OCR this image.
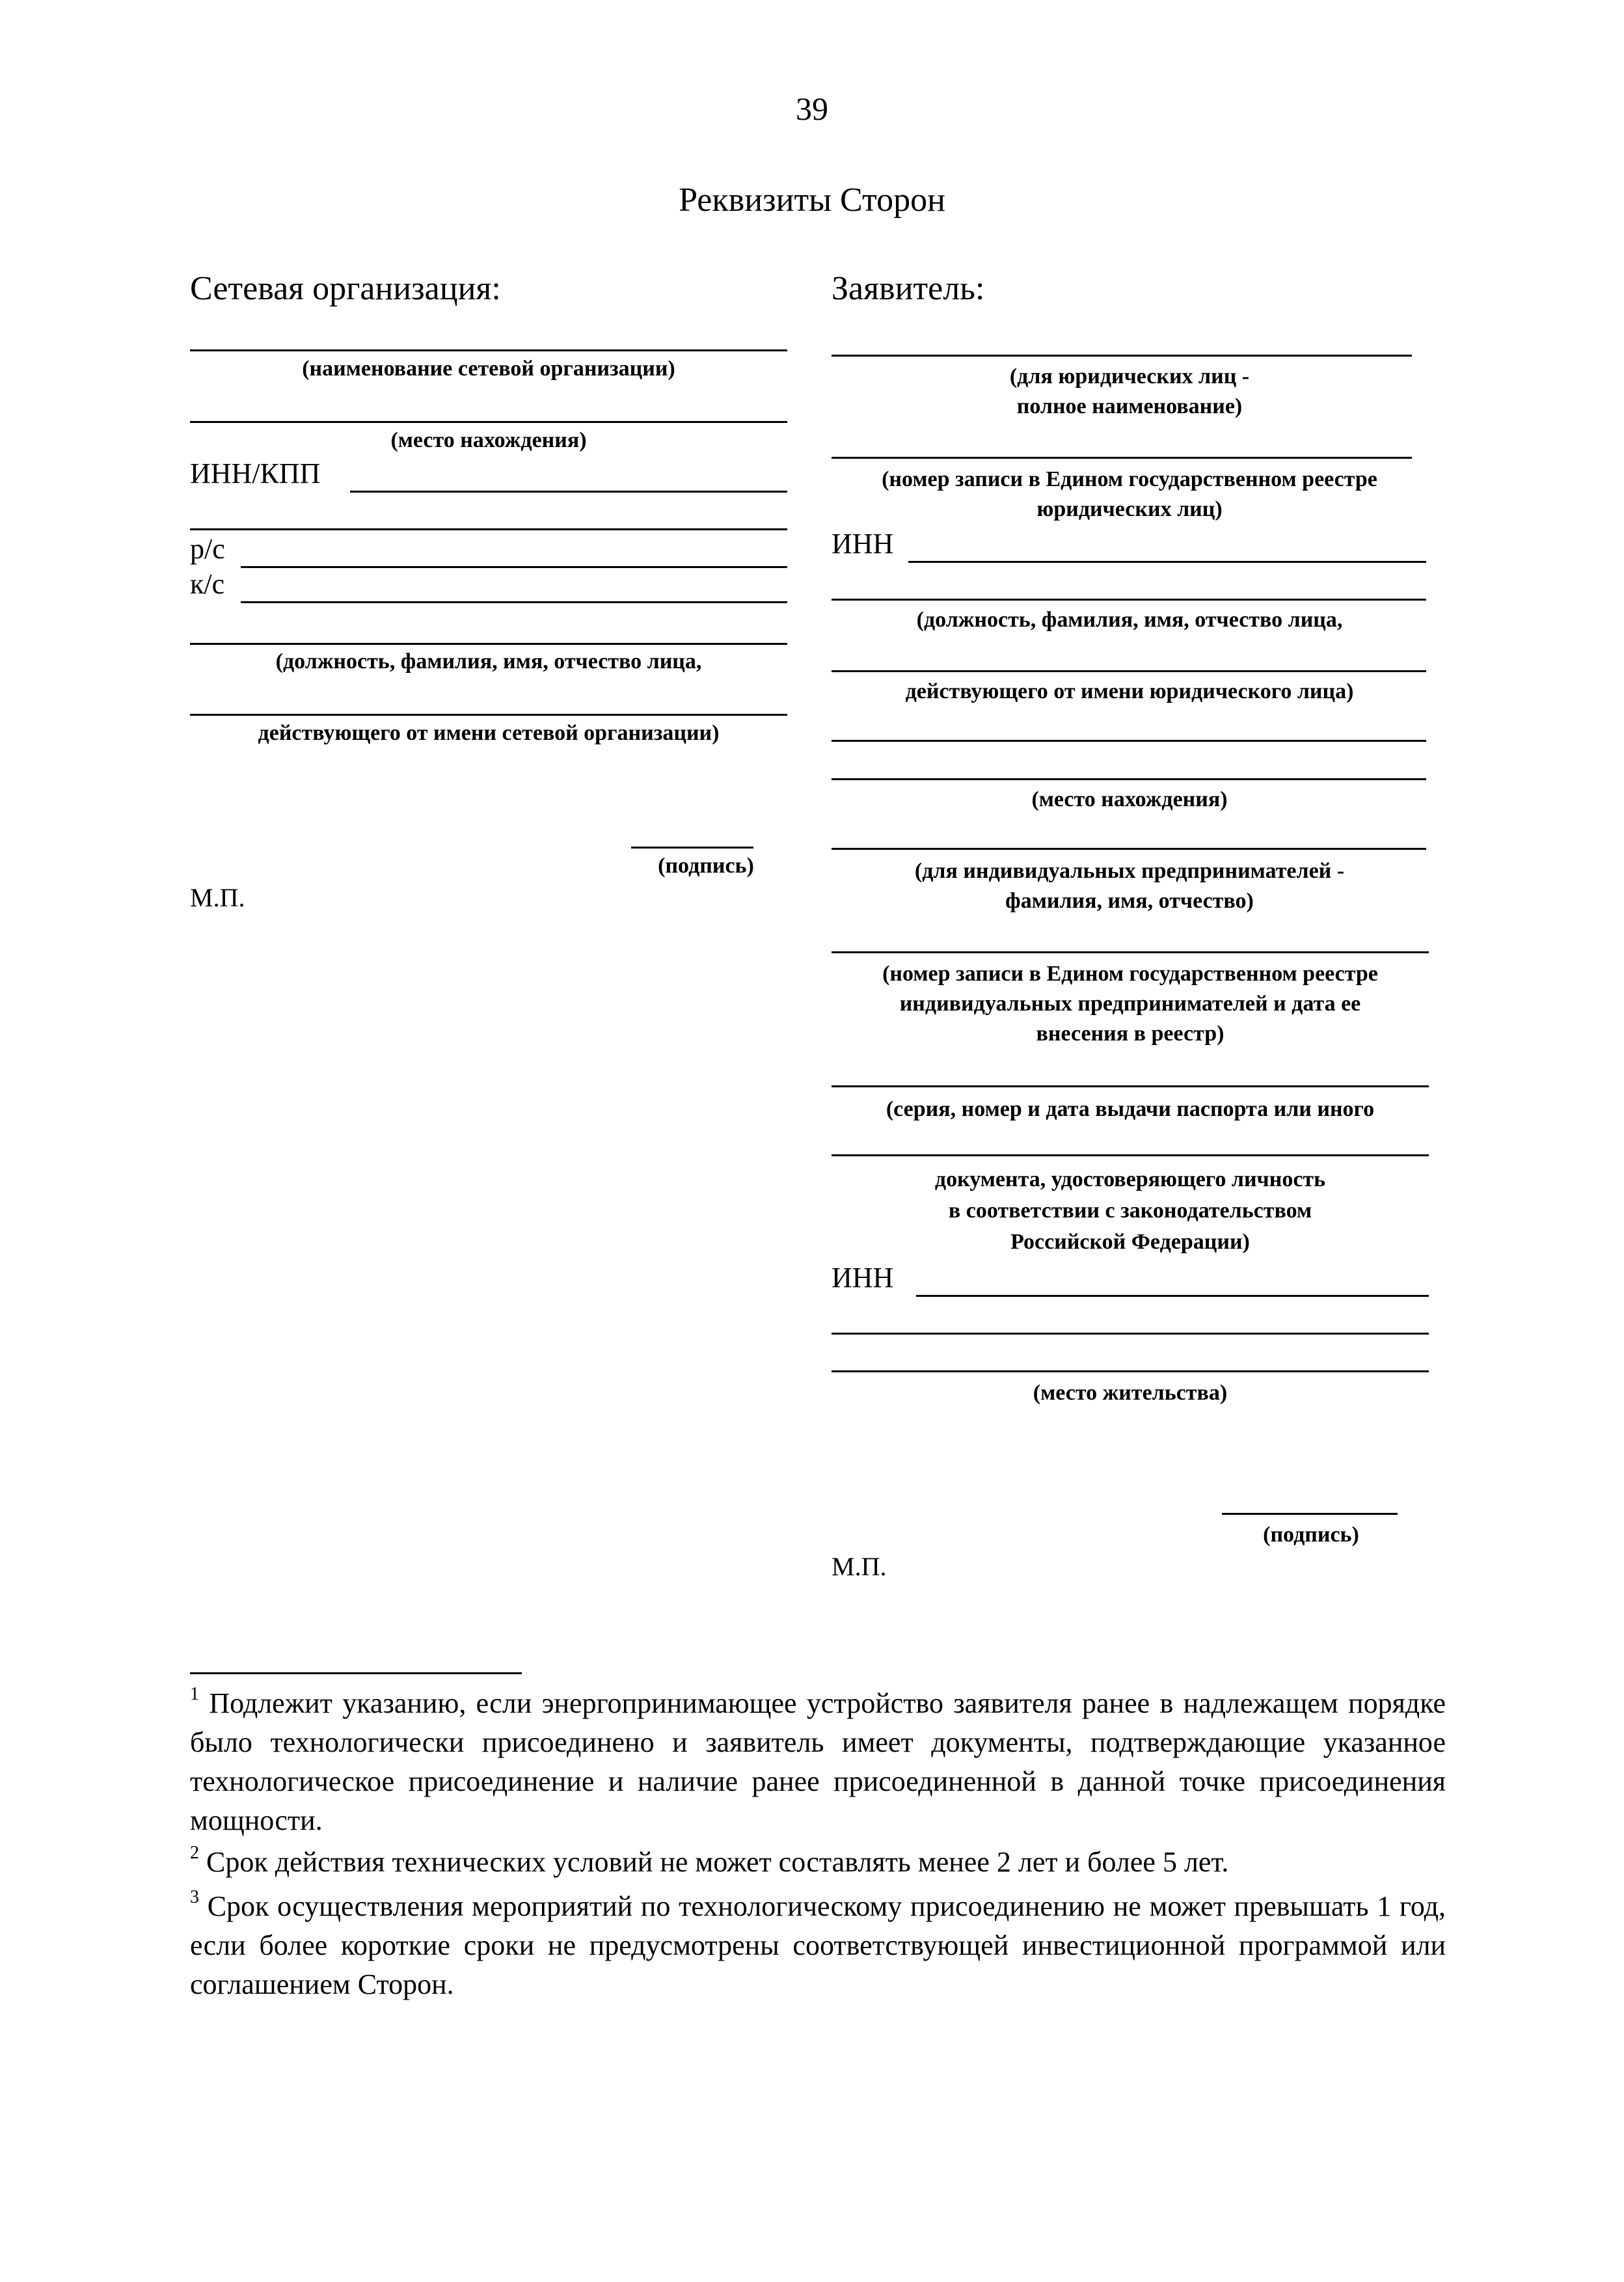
39
Реквизиты Сторон
Сетевая организация:
(наименование сетевой организации)
(место нахождения)
ИНН/КПП
р/с
к/с
(должность, фамилия, имя, отчество лица,
действующего от имени сетевой организации)
(подпись)
М.П.
Заявитель:
(для юридических лиц -
полное наименование)
(номер записи в Едином государственном реестре
юридических лиц)
ИНН
(должность, фамилия, имя, отчество лица,
действующего от имени юридического лица)
(место нахождения)
(для индивидуальных предпринимателей -
фамилия, имя, отчество)
(номер записи в Едином государственном реестре
индивидуальных предпринимателей и дата ее
внесения в реестр)
(серия, номер и дата выдачи паспорта или иного
документа, удостоверяющего личность
в соответствии с законодательством
Российской Федерации)
ИНН
(место жительства)
(подпись)
М.П.
$^1$ Подлежит указанию, если энергопринимающее устройство заявителя ранее в надлежащем порядке было технологически присоединено и заявитель имеет документы, подтверждающие указанное технологическое присоединение и наличие ранее присоединенной в данной точке присоединения мощности.
$^2$ Срок действия технических условий не может составлять менее 2 лет и более 5 лет.
$^3$ Срок осуществления мероприятий по технологическому присоединению не может превышать 1 год, если более короткие сроки не предусмотрены соответствующей инвестиционной программой или соглашением Сторон.
